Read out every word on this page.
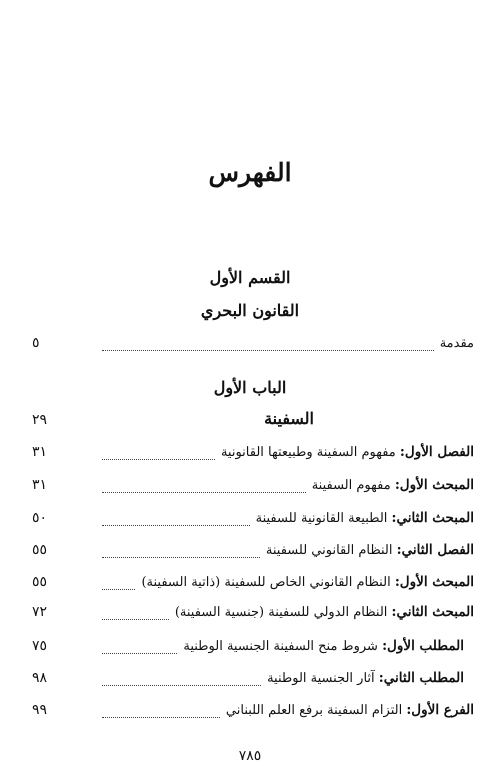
الفهرس
القسم الأول
القانون البحري
٥	مقدمة
الباب الأول
٢٩	السفينة
٣١	الفصل الأول: مفهوم السفينة وطبيعتها القانونية
٣١	المبحث الأول: مفهوم السفينة
٥٠	المبحث الثاني: الطبيعة القانونية للسفينة
٥٥	الفصل الثاني: النظام القانوني للسفينة
٥٥	المبحث الأول: النظام القانوني الخاص للسفينة (ذاتية السفينة)
٧٢	المبحث الثاني: النظام الدولي للسفينة (جنسية السفينة)
٧٥	المطلب الأول: شروط منح السفينة الجنسية الوطنية
٩٨	المطلب الثاني: آثار الجنسية الوطنية
٩٩	الفرع الأول: التزام السفينة برفع العلم اللبناني
٧٨٥
